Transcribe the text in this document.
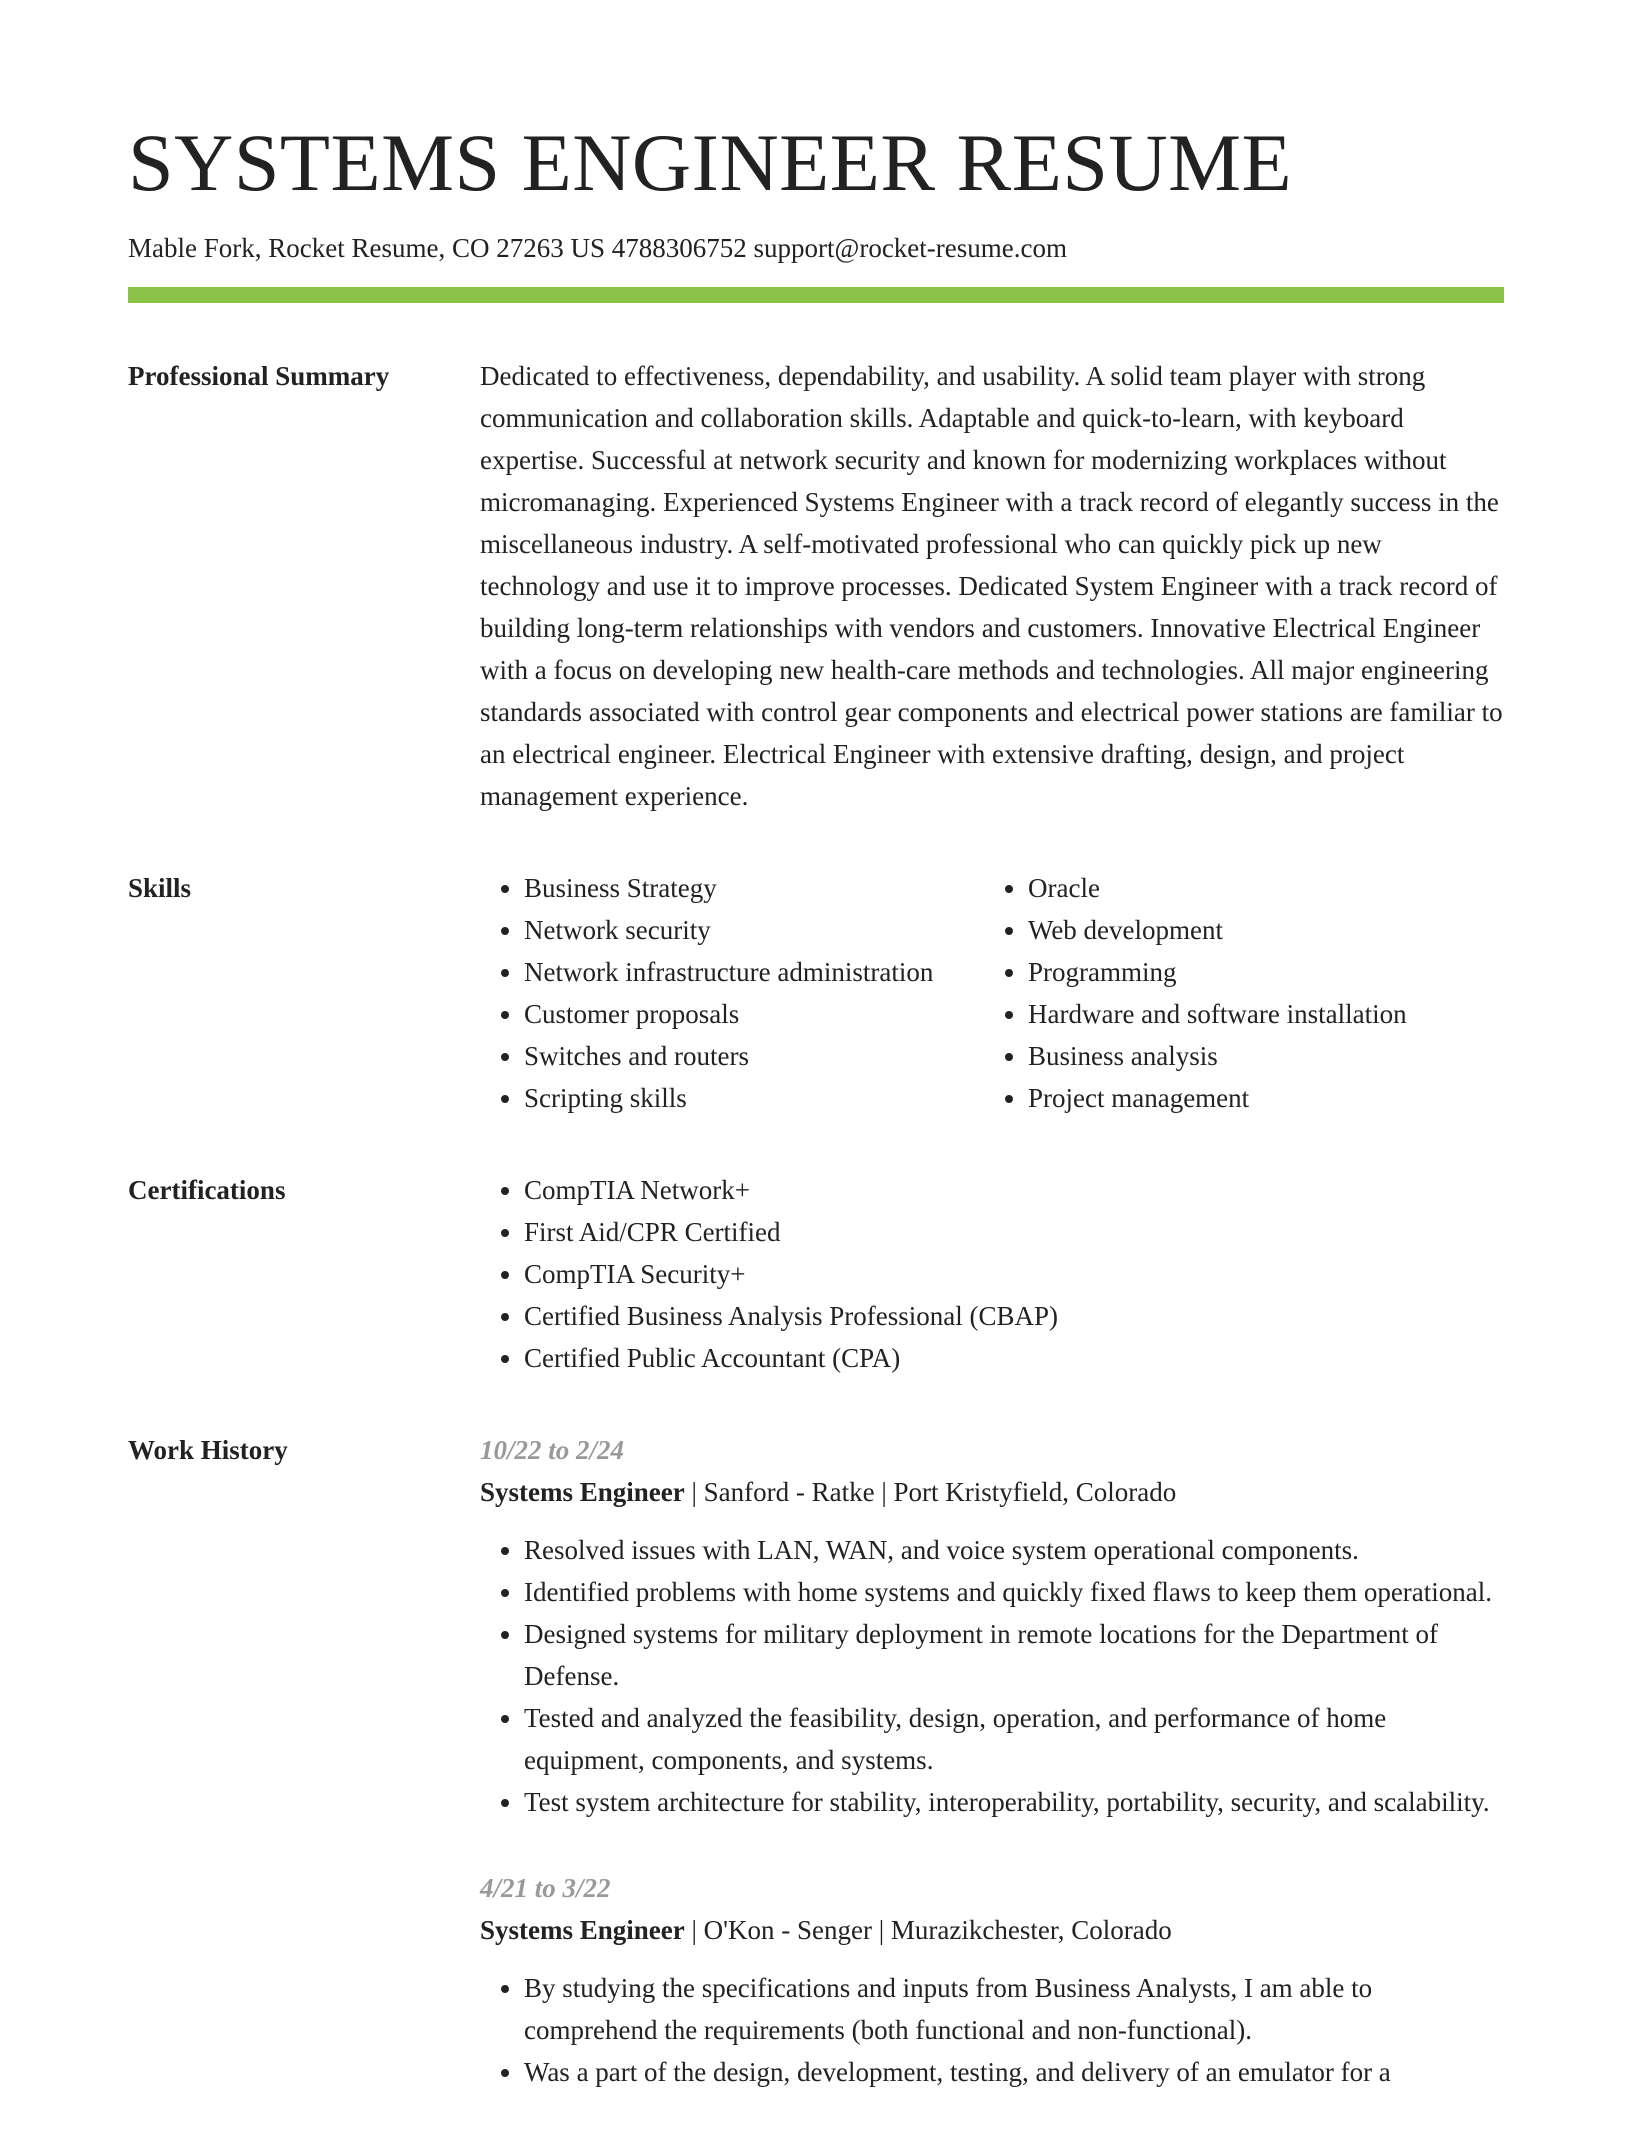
SYSTEMS ENGINEER RESUME
Mable Fork, Rocket Resume, CO 27263 US 4788306752 support@rocket-resume.com
Professional Summary	Dedicated to effectiveness, dependability, and usability. A solid team player with strong communication and collaboration skills. Adaptable and quick-to-learn, with keyboard expertise. Successful at network security and known for modernizing workplaces without micromanaging. Experienced Systems Engineer with a track record of elegantly success in the miscellaneous industry. A self-motivated professional who can quickly pick up new technology and use it to improve processes. Dedicated System Engineer with a track record of building long-term relationships with vendors and customers. Innovative Electrical Engineer with a focus on developing new health-care methods and technologies. All major engineering standards associated with control gear components and electrical power stations are familiar to an electrical engineer. Electrical Engineer with extensive drafting, design, and project management experience.

Skills	• Business Strategy
• Network security
• Network infrastructure administration
• Customer proposals
• Switches and routers
• Scripting skills
• Oracle
• Web development
• Programming
• Hardware and software installation
• Business analysis
• Project management
Certifications	• CompTIA Network+
• First Aid/CPR Certified
• CompTIA Security+
• Certified Business Analysis Professional (CBAP)
• Certified Public Accountant (CPA)
Work History	10/22 to 2/24
Systems Engineer | Sanford - Ratke | Port Kristyfield, Colorado
• Resolved issues with LAN, WAN, and voice system operational components.
• Identified problems with home systems and quickly fixed flaws to keep them operational.
• Designed systems for military deployment in remote locations for the Department of Defense.
• Tested and analyzed the feasibility, design, operation, and performance of home equipment, components, and systems.
• Test system architecture for stability, interoperability, portability, security, and scalability.
4/21 to 3/22
Systems Engineer | O'Kon - Senger | Murazikchester, Colorado
• By studying the specifications and inputs from Business Analysts, I am able to comprehend the requirements (both functional and non-functional).
• Was a part of the design, development, testing, and delivery of an emulator for a
